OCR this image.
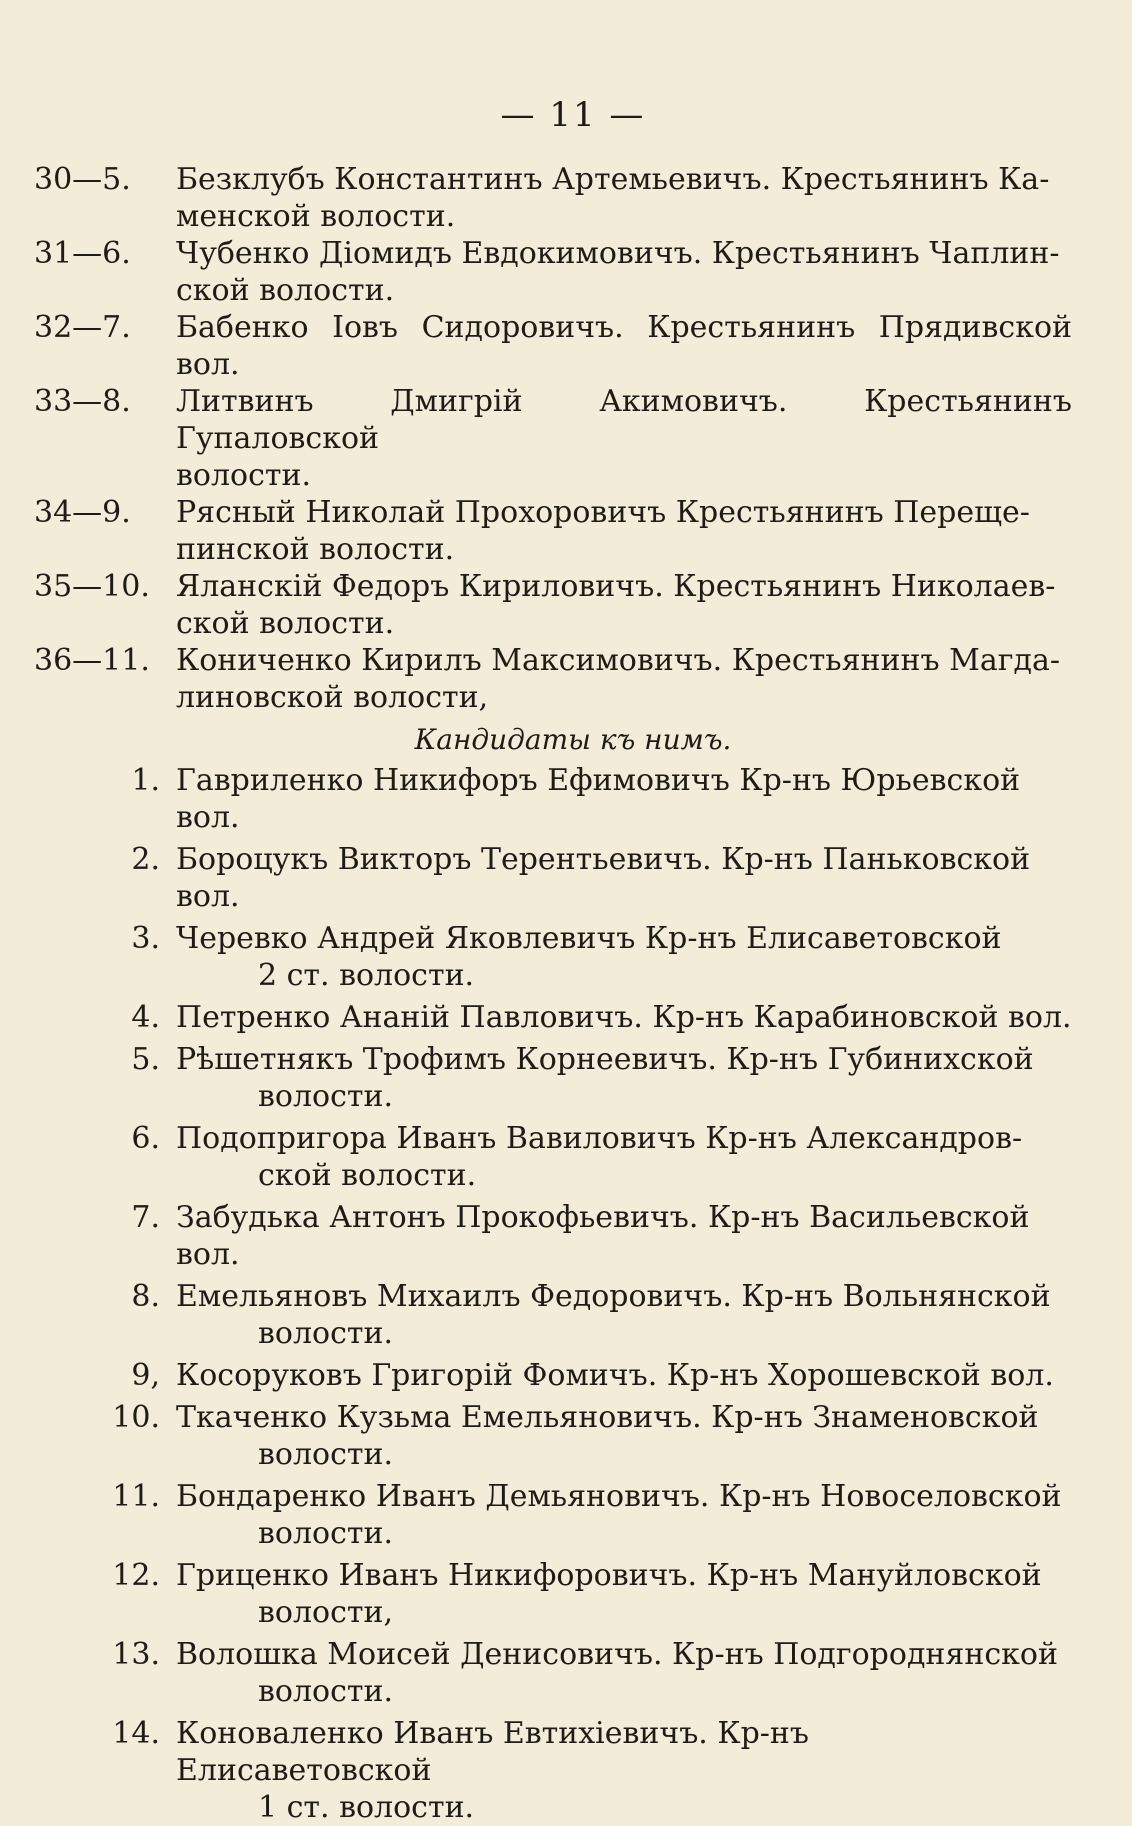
— 11 —
30—5.	Безклубъ Константинъ Артемьевичъ. Крестьянинъ Ка-
менской волости.
31—6.	Чубенко Діомидъ Евдокимовичъ. Крестьянинъ Чаплин-
ской волости.
32—7.	Бабенко Іовъ Сидоровичъ. Крестьянинъ Прядивской вол.
33—8.	Литвинъ Дмигрій Акимовичъ. Крестьянинъ Гупаловской
волости.
34—9.	Рясный Николай Прохоровичъ Крестьянинъ Перещe-
пинской волости.
35—10. Яланскій Федоръ Кириловичъ. Крестьянинъ Николаев-
ской волости.
36—11. Кониченко Кирилъ Максимовичъ. Крестьянинъ Магда-
линовской волости,
Кандидаты къ нимъ.
1. Гавриленко Никифоръ Ефимовичъ Кр-нъ Юрьевской вол.
2. Бороцукъ Викторъ Терентьевичъ. Кр-нъ Паньковской вол.
3. Черевко Андрей Яковлевичъ Кр-нъ Елисаветовской
2 ст. волости.
4. Петренко Ананій Павловичъ. Кр-нъ Карабиновской вол.
5. Рѣшетнякъ Трофимъ Корнеевичъ. Кр-нъ Губинихской
волости.
6. Подопригора Иванъ Вавиловичъ Кр-нъ Александров-
ской волости.
7. Забудька Антонъ Прокофьевичъ. Кр-нъ Васильевской вол.
8. Емельяновъ Михаилъ Федоровичъ. Кр-нъ Вольнянской
волости.
9, Косоруковъ Григорій Фомичъ. Кр-нъ Хорошевской вол.
10. Ткаченко Кузьма Емельяновичъ. Кр-нъ Знаменовской
волости.
11. Бондаренко Иванъ Демьяновичъ. Кр-нъ Новоселовской
волости.
12. Гриценко Иванъ Никифоровичъ. Кр-нъ Мануйловской
волости,
13. Волошка Моисей Денисовичъ. Кр-нъ Подгороднянской
волости.
14. Коноваленко Иванъ Евтихіевичъ. Кр-нъ Елисаветовской
1 ст. волости.
